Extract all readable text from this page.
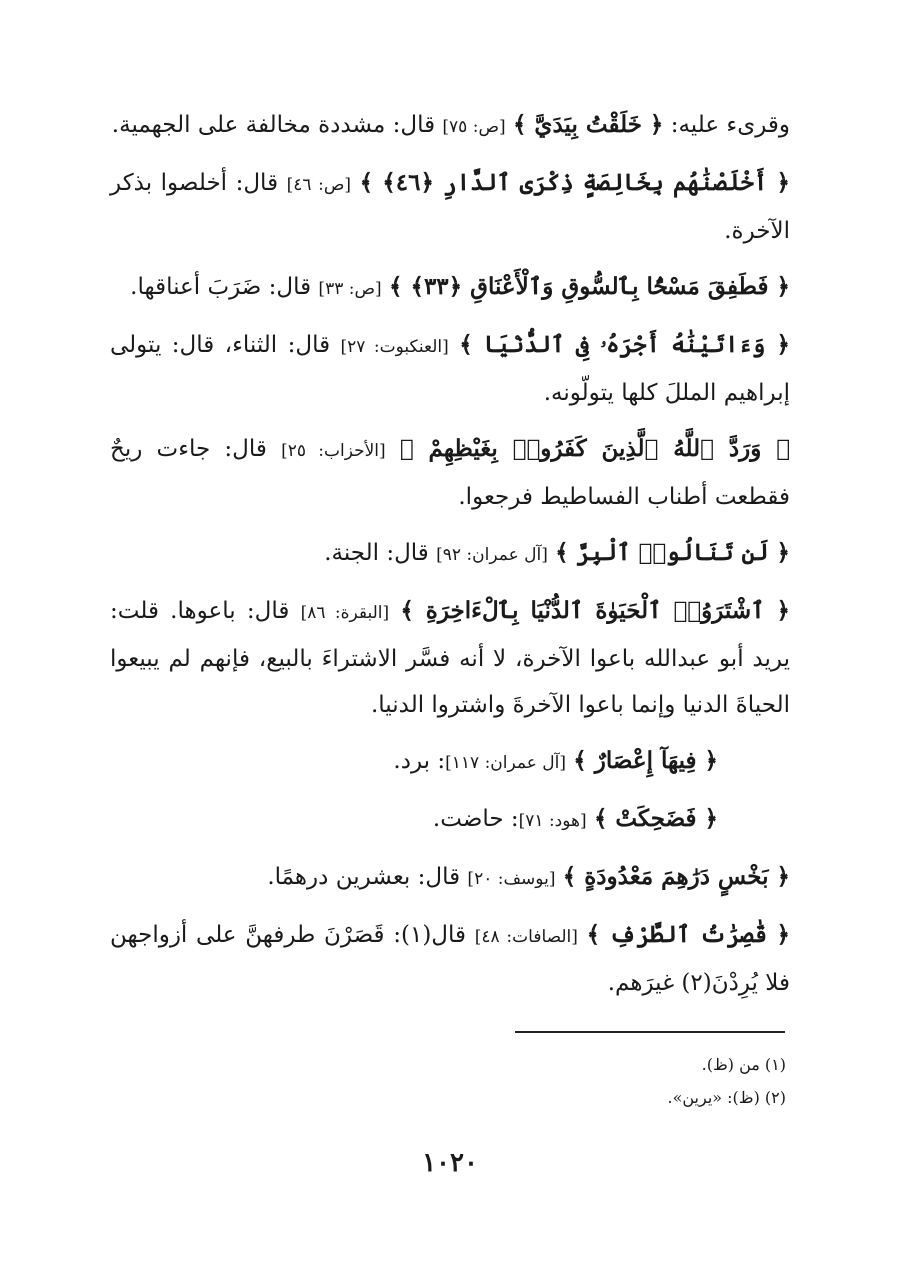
وقرىء عليه: ﴿ خَلَقْتُ بِيَدَيَّ ﴾ [ص: ٧٥] قال: مشددة مخالفة على الجهمية.

﴿ أَخْلَصْنَٰهُم بِخَالِصَةٍ ذِكْرَى ٱلدَّارِ ﴿٤٦﴾ ﴾ [ص: ٤٦] قال: أخلصوا بذكر الآخرة.

﴿ فَطَفِقَ مَسْحًۢا بِٱلسُّوقِ وَٱلْأَعْنَاقِ ﴿٣٣﴾ ﴾ [ص: ٣٣] قال: ضَرَبَ أعناقها.

﴿ وَءَاتَيْنَٰهُ أَجْرَهُۥ فِى ٱلدُّنْيَا ﴾ [العنكبوت: ٢٧] قال: الثناء، قال: يتولى إبراهيم المللَ كلها يتولّونه.

﴿ وَرَدَّ ٱللَّهُ ٱلَّذِينَ كَفَرُوا۟ بِغَيْظِهِمْ ﴾ [الأحزاب: ٢٥] قال: جاءت ريحٌ فقطعت أطناب الفساطيط فرجعوا.

﴿ لَن تَنَالُوا۟ ٱلْبِرَّ ﴾ [آل عمران: ٩٢] قال: الجنة.

﴿ ٱشْتَرَوُا۟ ٱلْحَيَوٰةَ ٱلدُّنْيَا بِٱلْءَاخِرَةِ ﴾ [البقرة: ٨٦] قال: باعوها. قلت: يريد أبو عبدالله باعوا الآخرة، لا أنه فسَّر الاشتراءَ بالبيع، فإنهم لم يبيعوا الحياةَ الدنيا وإنما باعوا الآخرةَ واشتروا الدنيا.

﴿ فِيهَآ إِعْصَارٌ ﴾ [آل عمران: ١١٧]: برد.

﴿ فَضَحِكَتْ ﴾ [هود: ٧١]: حاضت.

﴿ بَخْسٍ دَرَٰهِمَ مَعْدُودَةٍ ﴾ [يوسف: ٢٠] قال: بعشرين درهمًا.

﴿ قَٰصِرَٰتُ ٱلطَّرْفِ ﴾ [الصافات: ٤٨] قال(١): قَصَرْنَ طرفهنَّ على أزواجهن فلا يُرِدْنَ(٢) غيرَهم.

(١) من (ظ).
(٢) (ظ): «يرين».
١٠٢٠
